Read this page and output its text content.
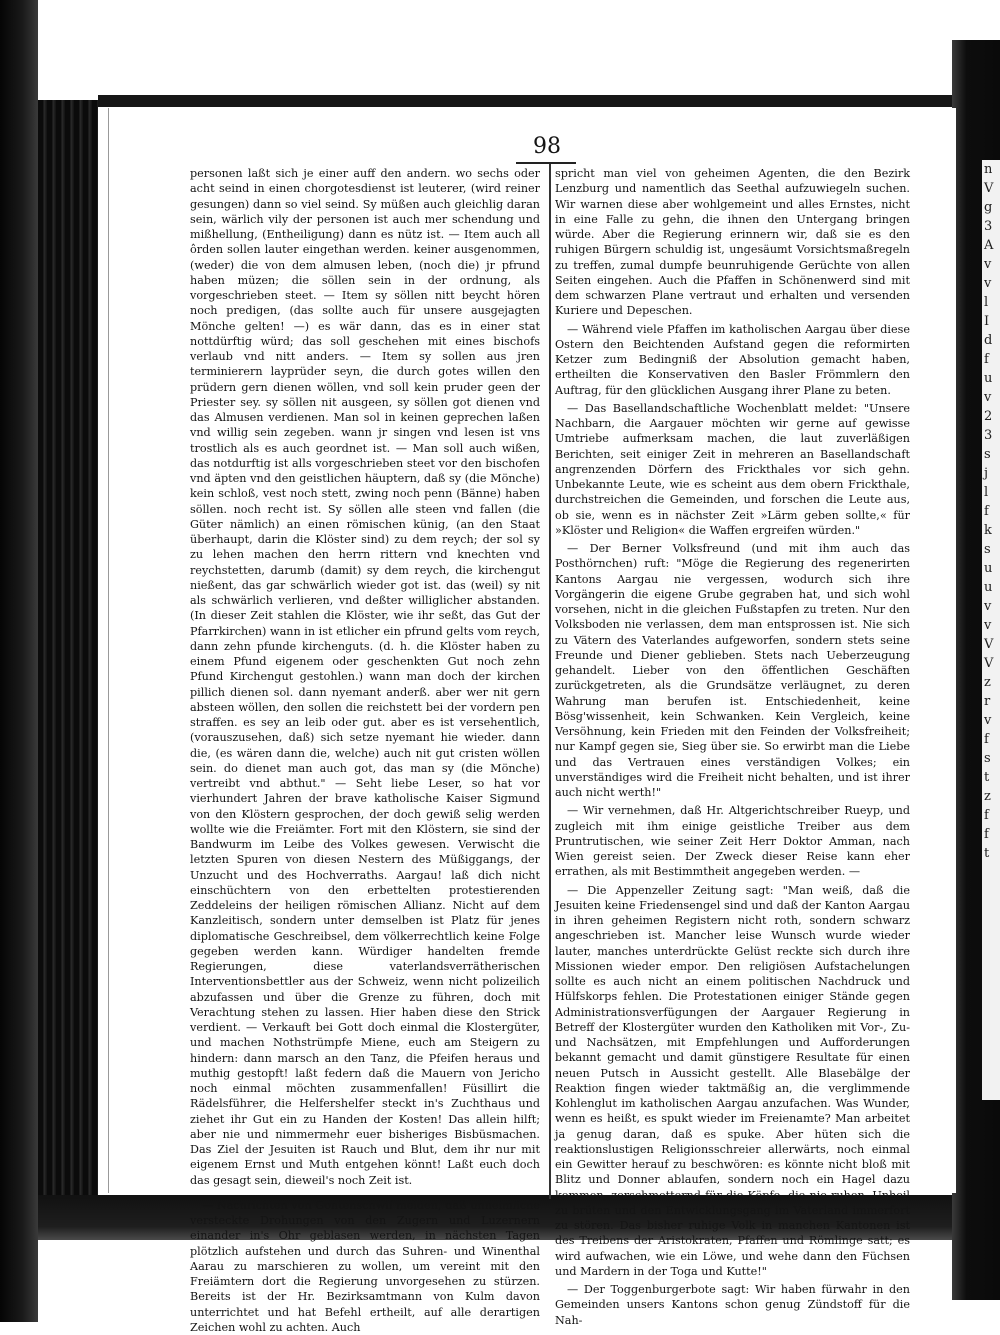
n
V
g
3
A
v
v
l
I
d
f
u
v
2
3
s
j
l
f
k
s
u
u
v
v
V
V
z
r
v
f
s
t
z
f
f
t
98

personen laßt sich je einer auff den andern. wo sechs oder acht seind in einen chorgotesdienst ist leuterer, (wird reiner gesungen) dann so viel seind. Sy müßen auch gleichlig daran sein, wärlich vily der personen ist auch mer schendung und mißhellung, (Entheiligung) dann es nütz ist. — Item auch all ôrden sollen lauter eingethan werden. keiner ausgenommen, (weder) die von dem almusen leben, (noch die) jr pfrund haben müzen; die söllen sein in der ordnung, als vorgeschrieben steet. — Item sy söllen nitt beycht hören noch predigen, (das sollte auch für unsere ausgejagten Mönche gelten! —) es wär dann, das es in einer stat nottdürftig würd; das soll geschehen mit eines bischofs verlaub vnd nitt anders. — Item sy sollen aus jren terminierern layprüder seyn, die durch gotes willen den prüdern gern dienen wöllen, vnd soll kein pruder geen der Priester sey. sy söllen nit ausgeen, sy söllen got dienen vnd das Almusen verdienen. Man sol in keinen geprechen laßen vnd willig sein zegeben. wann jr singen vnd lesen ist vns trostlich als es auch geordnet ist. — Man soll auch wißen, das notdurftig ist alls vorgeschrieben steet vor den bischofen vnd äpten vnd den geistlichen häuptern, daß sy (die Mönche) kein schloß, vest noch stett, zwing noch penn (Bänne) haben söllen. noch recht ist. Sy söllen alle steen vnd fallen (die Güter nämlich) an einen römischen künig, (an den Staat überhaupt, darin die Klöster sind) zu dem reych; der sol sy zu lehen machen den herrn rittern vnd knechten vnd reychstetten, darumb (damit) sy dem reych, die kirchengut nießent, das gar schwärlich wieder got ist. das (weil) sy nit als schwärlich verlieren, vnd deßter williglicher abstanden. (In dieser Zeit stahlen die Klöster, wie ihr seßt, das Gut der Pfarrkirchen) wann in ist etlicher ein pfrund gelts vom reych, dann zehn pfunde kirchenguts. (d. h. die Klöster haben zu einem Pfund eigenem oder geschenkten Gut noch zehn Pfund Kirchengut gestohlen.) wann man doch der kirchen pillich dienen sol. dann nyemant anderß. aber wer nit gern absteen wöllen, den sollen die reichstett bei der vordern pen straffen. es sey an leib oder gut. aber es ist versehentlich, (vorauszusehen, daß) sich setze nyemant hie wieder. dann die, (es wären dann die, welche) auch nit gut cristen wöllen sein. do dienet man auch got, das man sy (die Mönche) vertreibt vnd abthut." — Seht liebe Leser, so hat vor vierhundert Jahren der brave katholische Kaiser Sigmund von den Klöstern gesprochen, der doch gewiß selig werden wollte wie die Freiämter. Fort mit den Klöstern, sie sind der Bandwurm im Leibe des Volkes gewesen. Verwischt die letzten Spuren von diesen Nestern des Müßiggangs, der Unzucht und des Hochverraths. Aargau! laß dich nicht einschüchtern von den erbettelten protestierenden Zeddeleins der heiligen römischen Allianz. Nicht auf dem Kanzleitisch, sondern unter demselben ist Platz für jenes diplomatische Geschreibsel, dem völkerrechtlich keine Folge gegeben werden kann. Würdiger handelten fremde Regierungen, diese vaterlandsverrätherischen Interventionsbettler aus der Schweiz, wenn nicht polizeilich abzufassen und über die Grenze zu führen, doch mit Verachtung stehen zu lassen. Hier haben diese den Strick verdient. — Verkauft bei Gott doch einmal die Klostergüter, und machen Nothstrümpfe Miene, euch am Steigern zu hindern: dann marsch an den Tanz, die Pfeifen heraus und muthig gestopft! laßt federn daß die Mauern von Jericho noch einmal möchten zusammenfallen! Füsillirt die Rädelsführer, die Helfershelfer steckt in's Zuchthaus und ziehet ihr Gut ein zu Handen der Kosten! Das allein hilft; aber nie und nimmermehr euer bisheriges Bisbüsmachen. Das Ziel der Jesuiten ist Rauch und Blut, dem ihr nur mit eigenem Ernst und Muth entgehen könnt! Laßt euch doch das gesagt sein, dieweil's noch Zeit ist.

— Nachrichten von Gontenschwil melden, daß unheimliche versteckte Drohungen von den Zugern und Luzernern einander in's Ohr geblasen werden, in nächsten Tagen plötzlich aufstehen und durch das Suhren- und Winenthal Aarau zu marschieren zu wollen, um vereint mit den Freiämtern dort die Regierung unvorgesehen zu stürzen. Bereits ist der Hr. Bezirksamtmann von Kulm davon unterrichtet und hat Befehl ertheilt, auf alle derartigen Zeichen wohl zu achten. Auch

spricht man viel von geheimen Agenten, die den Bezirk Lenzburg und namentlich das Seethal aufzuwiegeln suchen. Wir warnen diese aber wohlgemeint und alles Ernstes, nicht in eine Falle zu gehn, die ihnen den Untergang bringen würde. Aber die Regierung erinnern wir, daß sie es den ruhigen Bürgern schuldig ist, ungesäumt Vorsichtsmaßregeln zu treffen, zumal dumpfe beunruhigende Gerüchte von allen Seiten eingehen. Auch die Pfaffen in Schönenwerd sind mit dem schwarzen Plane vertraut und erhalten und versenden Kuriere und Depeschen.

— Während viele Pfaffen im katholischen Aargau über diese Ostern den Beichtenden Aufstand gegen die reformirten Ketzer zum Bedingniß der Absolution gemacht haben, ertheilten die Konservativen den Basler Frömmlern den Auftrag, für den glücklichen Ausgang ihrer Plane zu beten.

— Das Basellandschaftliche Wochenblatt meldet: "Unsere Nachbarn, die Aargauer möchten wir gerne auf gewisse Umtriebe aufmerksam machen, die laut zuverläßigen Berichten, seit einiger Zeit in mehreren an Basellandschaft angrenzenden Dörfern des Frickthales vor sich gehn. Unbekannte Leute, wie es scheint aus dem obern Frickthale, durchstreichen die Gemeinden, und forschen die Leute aus, ob sie, wenn es in nächster Zeit »Lärm geben sollte,« für »Klöster und Religion« die Waffen ergreifen würden."

— Der Berner Volksfreund (und mit ihm auch das Posthörnchen) ruft: "Möge die Regierung des regenerirten Kantons Aargau nie vergessen, wodurch sich ihre Vorgängerin die eigene Grube gegraben hat, und sich wohl vorsehen, nicht in die gleichen Fußstapfen zu treten. Nur den Volksboden nie verlassen, dem man entsprossen ist. Nie sich zu Vätern des Vaterlandes aufgeworfen, sondern stets seine Freunde und Diener geblieben. Stets nach Ueberzeugung gehandelt. Lieber von den öffentlichen Geschäften zurückgetreten, als die Grundsätze verläugnet, zu deren Wahrung man berufen ist. Entschiedenheit, keine Bösg'wissenheit, kein Schwanken. Kein Vergleich, keine Versöhnung, kein Frieden mit den Feinden der Volksfreiheit; nur Kampf gegen sie, Sieg über sie. So erwirbt man die Liebe und das Vertrauen eines verständigen Volkes; ein unverständiges wird die Freiheit nicht behalten, und ist ihrer auch nicht werth!"

— Wir vernehmen, daß Hr. Altgerichtschreiber Rueyp, und zugleich mit ihm einige geistliche Treiber aus dem Pruntrutischen, wie seiner Zeit Herr Doktor Amman, nach Wien gereist seien. Der Zweck dieser Reise kann eher errathen, als mit Bestimmtheit angegeben werden. —

— Die Appenzeller Zeitung sagt: "Man weiß, daß die Jesuiten keine Friedensengel sind und daß der Kanton Aargau in ihren geheimen Registern nicht roth, sondern schwarz angeschrieben ist. Mancher leise Wunsch wurde wieder lauter, manches unterdrückte Gelüst reckte sich durch ihre Missionen wieder empor. Den religiösen Aufstachelungen sollte es auch nicht an einem politischen Nachdruck und Hülfskorps fehlen. Die Protestationen einiger Stände gegen Administrationsverfügungen der Aargauer Regierung in Betreff der Klostergüter wurden den Katholiken mit Vor-, Zu- und Nachsätzen, mit Empfehlungen und Aufforderungen bekannt gemacht und damit günstigere Resultate für einen neuen Putsch in Aussicht gestellt. Alle Blasebälge der Reaktion fingen wieder taktmäßig an, die verglimmende Kohlenglut im katholischen Aargau anzufachen. Was Wunder, wenn es heißt, es spukt wieder im Freienamte? Man arbeitet ja genug daran, daß es spuke. Aber hüten sich die reaktionslustigen Religionsschreier allerwärts, noch einmal ein Gewitter herauf zu beschwören: es könnte nicht bloß mit Blitz und Donner ablaufen, sondern noch ein Hagel dazu kommen, zerschmetternd für die Köpfe, die nie ruhen, Unheil zu brüten und den Entwicklungsgang im Vaterland immerfort zu stören. Das bisher ruhige Volk in manchen Kantonen ist des Treibens der Aristokraten, Pfaffen und Römlinge satt; es wird aufwachen, wie ein Löwe, und wehe dann den Füchsen und Mardern in der Toga und Kutte!"

— Der Toggenburgerbote sagt: Wir haben fürwahr in den Gemeinden unsers Kantons schon genug Zündstoff für die Nah-
